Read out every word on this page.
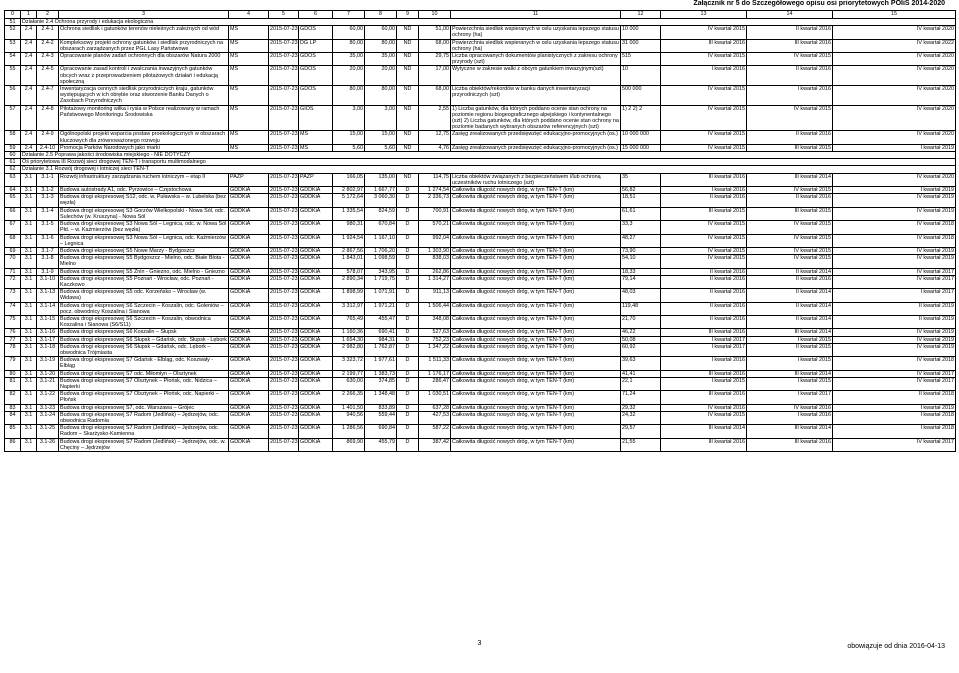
Załącznik nr 5 do Szczegółowego opisu osi priorytetowych POIiŚ 2014-2020
0	1	2	3	4	5	6	7	8	9	10	11	12	13	14	15
51	Działanie 2.4 Ochrona przyrody i edukacja ekologiczna														
52	2.4	2.4-1	Ochrona siedlisk i gatunków terenów nieleśnych zależnych od wód	MŚ	2015-07-23	GDOŚ	60,00	60,00	ND	51,00	Powierzchnia siedlisk wspieranych w celu uzyskania lepszego statusu ochrony (ha)	10 000	IV kwartał 2015	II kwartał 2016	IV kwartał 2020
53	2.4	2.4-2	Kompleksowy projekt ochrony gatunków i siedlisk przyrodniczych na obszarach zarządzanych przez PGL Lasy Państwowe	MŚ	2015-07-23	DG LP	80,00	80,00	ND	68,00	Powierzchnia siedlisk wspieranych w celu uzyskania lepszego statusu ochrony (ha)	31 000	III kwartał 2016	III kwartał 2016	IV kwartał 2022
54	2.4	2.4-3	Opracowanie planów zadań ochronnych dla obszarów Natura 2000	MŚ	2015-07-23	GDOŚ	35,00	35,00	ND	29,75	Liczba opracowanych dokumentów planistycznych z zakresu ochrony przyrody (szt)	515	IV kwartał 2015	IV kwartał 2015	IV kwartał 2020
55	2.4	2.4-5	Opracowanie zasad kontroli i zwalczania inwazyjnych gatunków obcych wraz z przeprowadzeniem pilotażowych działań i edukacją społeczną	MŚ	2015-07-23	GDOŚ	20,00	20,00	ND	17,00	Wytyczne w zakresie walki z obcym gatunkiem inwazyjnym(szt)	10	I kwartał 2016	II kwartał 2016	IV kwartał 2020
56	2.4	2.4-7	Inwentaryzacja cennych siedlisk przyrodniczych kraju, gatunków występujących w ich obrębie oraz stworzenie Banku Danych o Zasobach Przyrodniczych	MŚ	2015-07-23	GDOŚ	80,00	80,00	ND	68,00	Liczba obiektów/rekordów w banku danych inwentaryzacji przyrodniczych (szt)	500 000	IV kwartał 2015	I kwartał 2016	IV kwartał 2020
57	2.4	2.4-8	Pilotażowy monitoring wilka i rysia w Polsce realizowany w ramach Państwowego Monitoringu Środowiska	MŚ	2015-07-23	GIOŚ	3,00	3,00	ND	2,55	1) Liczba gatunków, dla których poddano ocenie stan ochrony na poziomie regionu biogeograficznego alpejskiego i kontynentalnego (szt) 2) Liczba gatunków, dla których poddano ocenie stan ochrony na poziomie badanych wybranych obszarów referencyjnych (szt)	1) 2 2) 2	IV kwartał 2015	IV kwartał 2015	IV kwartał 2020
58	2.4	2.4-9	Ogólnopolski projekt wsparcia postaw proekologicznych w obszarach kluczowych dla zrównoważonego rozwoju	MŚ	2015-07-23	MŚ	15,00	15,00	ND	12,75	Zasięg zrealizowanych przedsięwzięć edukacyjno-promocyjnych (os.)	10 000 000	IV kwartał 2015	II kwartał 2016	IV kwartał 2020
59	2.4	2.4-10	Promocja Parków Narodowych jako marki	MŚ	2015-07-23	MŚ	5,60	5,60	ND	4,76	Zasięg zrealizowanych przedsięwzięć edukacyjno-promocyjnych (os.)	15 000 000	IV kwartał 2015	III kwartał 2015	I kwartał 2019
60	Działanie 2.5 Poprawa jakości środowiska miejskiego - NIE DOTYCZY														
61	Oś priorytetowa III Rozwój sieci drogowej TEN-T i transportu multimodalnego														
62	Działanie 3.1 Rozwój drogowej i lotniczej sieci TEN-T														
63	3.1	3.1-1	Rozwój infrastruktury zarządzania ruchem lotniczym – etap II	PAŻP	2015-07-23	PAŻP	166,05	135,00	ND	114,75	Liczba obiektów związanych z bezpieczeństwem i/lub ochroną uczestników ruchu lotniczego (szt)	35	III kwartał 2016	III kwartał 2014	IV kwartał 2020
64	3.1	3.1-2	Budowa autostrady A1, odc. Pyrzowice – Częstochowa	GDDKiA	2015-07-23	GDDKiA	2 802,97	1 667,77	D	1 274,54	Całkowita długość nowych dróg, w tym TEN-T (km)	56,82	I kwartał 2016	IV kwartał 2015	I kwartał 2019
65	3.1	3.1-3	Budowa drogi ekspresowej S12, odc. w. Puławska – w. Lubelska (bez węzła)	GDDKiA	2015-07-23	GDDKiA	5 172,64	3 060,30	D	2 336,73	Całkowita długość nowych dróg, w tym TEN-T (km)	18,51	II kwartał 2016	II kwartał 2016	IV kwartał 2019
66	3.1	3.1-4	Budowa drogi ekspresowej S3 Gorzów Wielkopolski - Nowa Sól, odc. Sulechów (w. Kruszyna) - Nowa Sól	GDDKiA	2015-07-23	GDDKiA	1 335,54	824,59	D	700,91	Całkowita długość nowych dróg, w tym TEN-T (km)	61,61	III kwartał 2015	III kwartał 2015	IV kwartał 2019
67	3.1	3.1-5	Budowa drogi ekspresowej S3 Nowa Sól – Legnica, odc. w. Nowa Sól Płd. – w. Kaźmierzów (bez węzła)	GDDKiA	2015-07-23	GDDKiA	980,31	670,84	D	570,21	Całkowita długość nowych dróg, w tym TEN-T (km)	33,3	IV kwartał 2015	IV kwartał 2015	IV kwartał 2018
68	3.1	3.1-6	Budowa drogi ekspresowej S3 Nowa Sól – Legnica, odc. Kaźmierzów – Legnica	GDDKiA	2015-07-23	GDDKiA	1 924,54	1 167,10	D	992,04	Całkowita długość nowych dróg, w tym TEN-T (km)	48,27	IV kwartał 2015	IV kwartał 2015	IV kwartał 2018
69	3.1	3.1-7	Budowa drogi ekspresowej S5 Nowe Marzy - Bydgoszcz	GDDKiA	2015-07-23	GDDKiA	2 867,56	1 706,20	D	1 303,90	Całkowita długość nowych dróg, w tym TEN-T (km)	73,90	IV kwartał 2015	IV kwartał 2015	IV kwartał 2019
70	3.1	3.1-8	Budowa drogi ekspresowej S5 Bydgoszcz - Mielno, odc. Białe Błota - Mielno	GDDKiA	2015-07-23	GDDKiA	1 843,01	1 098,59	D	838,03	Całkowita długość nowych dróg, w tym TEN-T (km)	54,10	IV kwartał 2015	IV kwartał 2015	IV kwartał 2019
71	3.1	3.1-9	Budowa drogi ekspresowej S5 Żnin - Gniezno, odc. Mielno - Gniezno	GDDKiA	2015-07-23	GDDKiA	578,07	343,95	D	262,86	Całkowita długość nowych dróg, w tym TEN-T (km)	18,33	II kwartał 2016	II kwartał 2014	IV kwartał 2017
72	3.1	3.1-10	Budowa drogi ekspresowej S5 Poznań - Wrocław, odc. Poznań - Kaczkowo	GDDKiA	2015-07-23	GDDKiA	2 890,34	1 719,75	D	1 314,27	Całkowita długość nowych dróg, w tym TEN-T (km)	79,14	II kwartał 2016	II kwartał 2016	IV kwartał 2017
73	3.1	3.1-13	Budowa drogi ekspresowej S5 odc. Korzeńsko – Wrocław (w. Widawa)	GDDKiA	2015-07-23	GDDKiA	1 898,99	1 071,91	D	911,13	Całkowita długość nowych dróg, w tym TEN-T (km)	48,03	II kwartał 2016	II kwartał 2014	I kwartał 2017
74	3.1	3.1-14	Budowa drogi ekspresowej S6 Szczecin – Koszalin, odc. Goleniów – pocz. obwodnicy Koszalina i Sianowa	GDDKiA	2015-07-23	GDDKiA	3 312,97	1 971,21	D	1 506,44	Całkowita długość nowych dróg, w tym TEN-T (km)	119,48	II kwartał 2016	II kwartał 2014	II kwartał 2019
75	3.1	3.1-15	Budowa drogi ekspresowej S6 Szczecin – Koszalin, obwodnica Koszalina i Sianowa (S6/S11)	GDDKiA	2015-07-23	GDDKiA	765,49	455,47	D	348,08	Całkowita długość nowych dróg, w tym TEN-T (km)	21,70	II kwartał 2016	II kwartał 2014	II kwartał 2019
76	3.1	3.1-16	Budowa drogi ekspresowej S6 Koszalin – Słupsk	GDDKiA	2015-07-23	GDDKiA	1 160,36	690,41	D	527,63	Całkowita długość nowych dróg, w tym TEN-T (km)	46,22	III kwartał 2016	III kwartał 2014	IV kwartał 2019
77	3.1	3.1-17	Budowa drogi ekspresowej S6 Słupsk – Gdańsk, odc. Słupsk - Lębork	GDDKiA	2015-07-23	GDDKiA	1 654,30	984,31	D	752,23	Całkowita długość nowych dróg, w tym TEN-T (km)	50,08	I kwartał 2017	I kwartał 2015	IV kwartał 2019
78	3.1	3.1-18	Budowa drogi ekspresowej S6 Słupsk – Gdańsk, odc. Lębork – obwodnica Trójmiasta	GDDKiA	2015-07-23	GDDKiA	2 982,80	1 762,87	D	1 347,22	Całkowita długość nowych dróg, w tym TEN-T (km)	60,92	I kwartał 2017	II kwartał 2015	IV kwartał 2019
79	3.1	3.1-19	Budowa drogi ekspresowej S7 Gdańsk - Elbląg, odc. Koszwały - Elbląg	GDDKiA	2015-07-23	GDDKiA	3 323,72	1 977,61	D	1 511,33	Całkowita długość nowych dróg, w tym TEN-T (km)	39,63	I kwartał 2016	I kwartał 2015	IV kwartał 2018
80	3.1	3.1-20	Budowa drogi ekspresowej S7 odc. Miłomłyn – Olsztynek	GDDKiA	2015-07-23	GDDKiA	2 199,77	1 383,73	D	1 176,17	Całkowita długość nowych dróg, w tym TEN-T (km)	41,41	III kwartał 2016	III kwartał 2014	IV kwartał 2017
81	3.1	3.1-21	Budowa drogi ekspresowej S7 Olsztynek – Płońsk, odc. Nidzica – Napierki	GDDKiA	2015-07-23	GDDKiA	630,00	374,85	D	286,47	Całkowita długość nowych dróg, w tym TEN-T (km)	22,1	I kwartał 2015	I kwartał 2015	IV kwartał 2017
82	3.1	3.1-22	Budowa drogi ekspresowej S7 Olsztynek – Płońsk, odc. Napierki – Płońsk	GDDKiA	2015-07-23	GDDKiA	2 266,35	1 348,48	D	1 030,51	Całkowita długość nowych dróg, w tym TEN-T (km)	71,24	III kwartał 2016	I kwartał 2017	II kwartał 2018
83	3.1	3.1-23	Budowa drogi ekspresowej S7, odc. Warszawa – Grójec	GDDKiA	2015-07-23	GDDKiA	1 401,50	833,89	D	637,28	Całkowita długość nowych dróg, w tym TEN-T (km)	29,32	IV kwartał 2016	IV kwartał 2016	I kwartał 2019
84	3.1	3.1-24	Budowa drogi ekspresowej S7 Radom (Jedlińsk) – Jędrzejów, odc. obwodnica Radomia	GDDKiA	2015-07-23	GDDKiA	940,56	559,44	D	427,53	Całkowita długość nowych dróg, w tym TEN-T (km)	24,32	IV kwartał 2015	I kwartał 2016	I kwartał 2018
85	3.1	3.1-25	Budowa drogi ekspresowej S7 Radom (Jedlińsk) – Jędrzejów, odc. Radom – Skarżysko-Kamienna	GDDKiA	2015-07-23	GDDKiA	1 286,56	690,84	D	587,22	Całkowita długość nowych dróg, w tym TEN-T (km)	29,57	III kwartał 2014	III kwartał 2014	I kwartał 2018
86	3.1	3.1-26	Budowa drogi ekspresowej S7 Radom (Jedlińsk) – Jędrzejów, odc. w. Chęciny – Jędrzejów	GDDKiA	2015-07-23	GDDKiA	869,90	455,79	D	387,42	Całkowita długość nowych dróg, w tym TEN-T (km)	21,55	III kwartał 2016	III kwartał 2016	IV kwartał 2017
3	obowiązuje od dnia 2016-04-13
